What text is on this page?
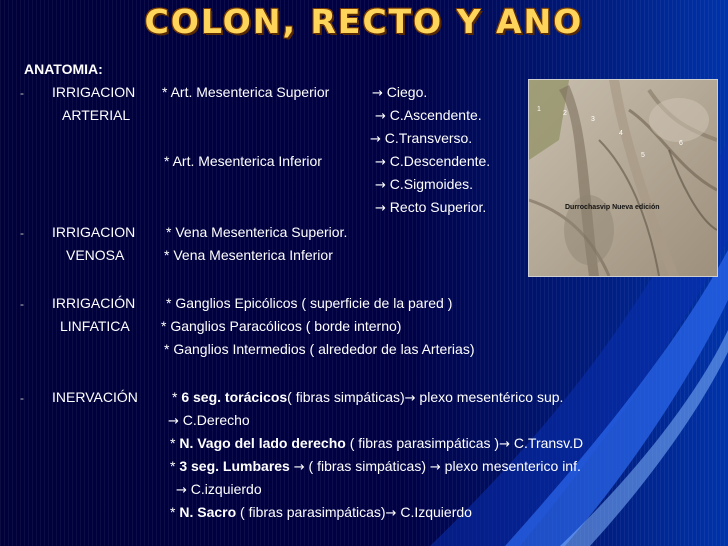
COLON, RECTO Y ANO
ANATOMIA:
- IRRIGACION
ARTERIAL
* Art. Mesenterica Superior	→ Ciego.
→ C.Ascendente.
→ C.Transverso.
* Art. Mesenterica Inferior	→ C.Descendente.
→ C.Sigmoides.
→ Recto Superior.
- IRRIGACION
VENOSA
* Vena Mesenterica Superior.
* Vena Mesenterica Inferior
- IRRIGACIÓN
LINFATICA
* Ganglios Epicólicos ( superficie de la pared )
* Ganglios Paracólicos ( borde interno)
* Ganglios Intermedios ( alrededor de las Arterias)
- INERVACIÓN * 6 seg. torácicos( fibras simpáticas)→ plexo mesentérico sup.
→ C.Derecho
* N. Vago del lado derecho ( fibras parasimpáticas )→ C.Transv.D
* 3 seg. Lumbares → ( fibras simpáticas) → plexo mesenterico inf.
→ C.izquierdo
* N. Sacro ( fibras parasimpáticas)→ C.Izquierdo
1
2
3
4
5
6
Durrochasvip Nueva edición
